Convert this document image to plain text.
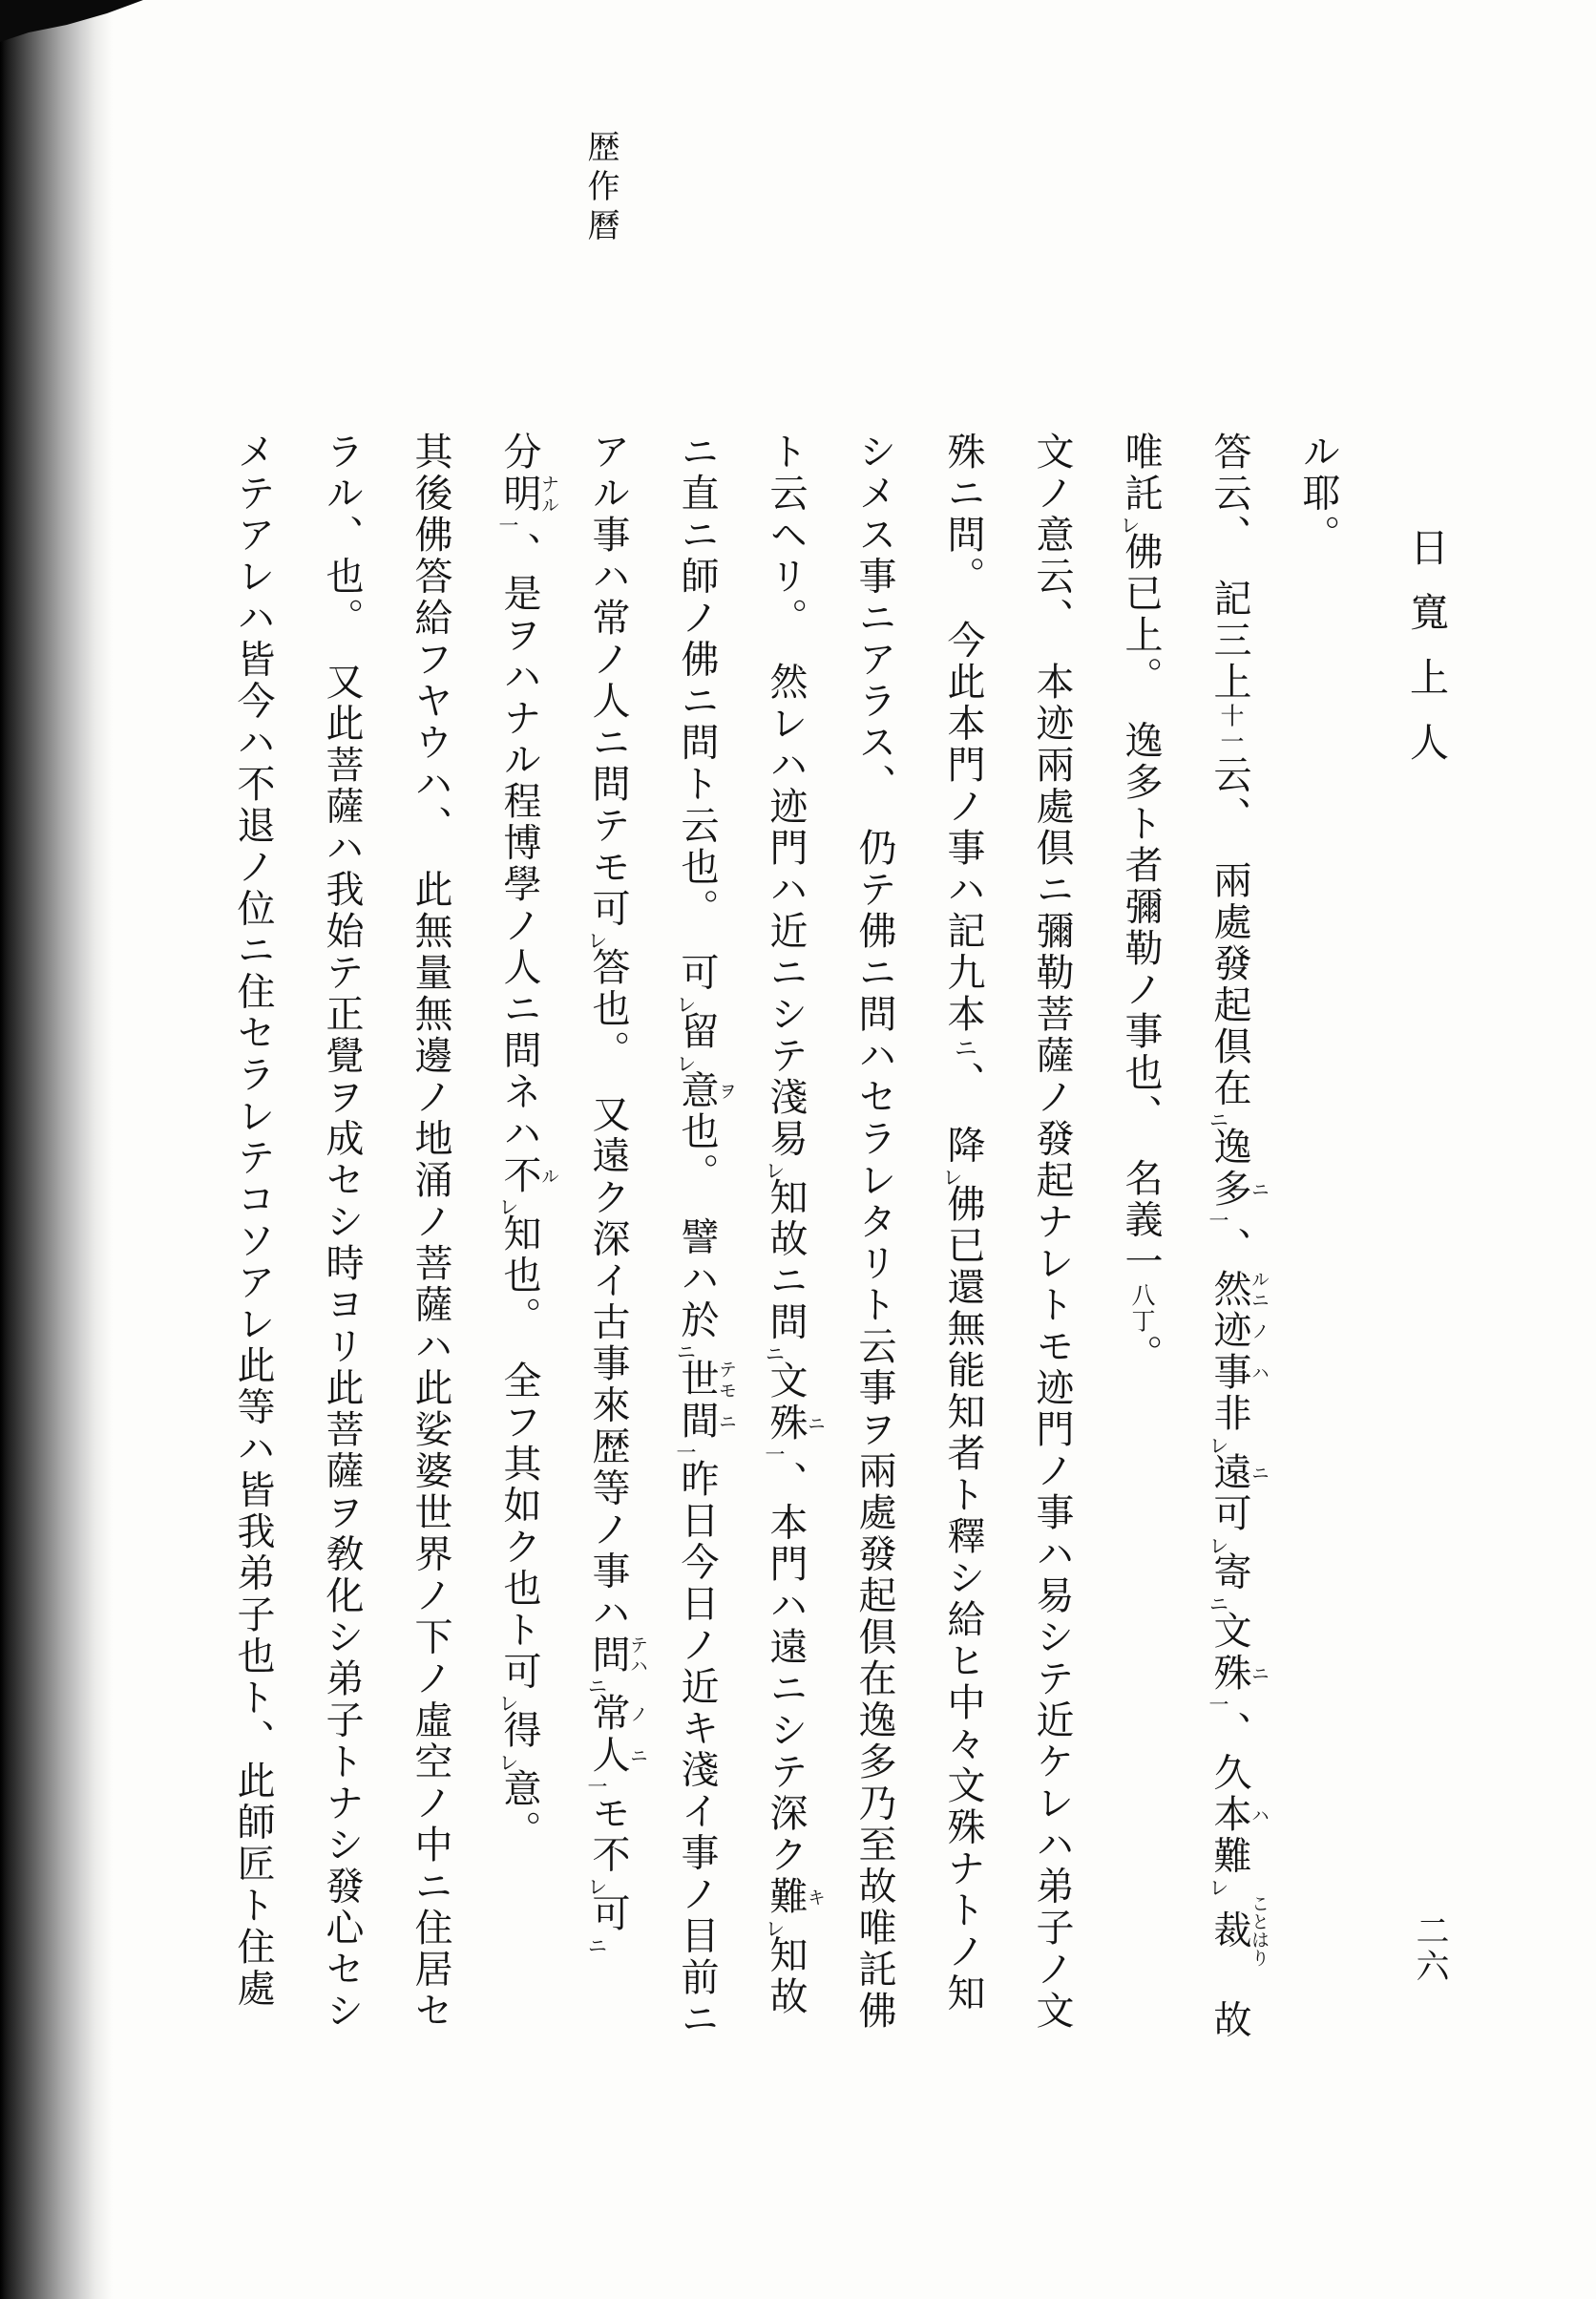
歴作曆
日寬上人
ル耶。
答云、　記三上十一云、　兩處發起倶在ニ逸多ニ一、然ルニ迹ノ事ハ非レ遠ニ可レ寄ニ文殊ニ一、久本ハ難レ裁ことはり　故
唯託レ佛已上。　逸多ト者彌勒ノ事也、　名義一八丁。
文ノ意云、　本迹兩處倶ニ彌勒菩薩ノ發起ナレトモ迹門ノ事ハ易シテ近ケレハ弟子ノ文
殊ニ問。　今此本門ノ事ハ記九本ニ、　降レ佛已還無能知者ト釋シ給ヒ中々文殊ナトノ知
シメス事ニアラス、　仍テ佛ニ問ハセラレタリト云事ヲ兩處發起倶在逸多乃至故唯託佛
ト云ヘリ。　然レハ迹門ハ近ニシテ淺易レ知故ニ問ニ文殊ニ一、本門ハ遠ニシテ深ク難キレ知故
ニ直ニ師ノ佛ニ問ト云也。　可レ留レ意ヲ也。　譬ハ於ニ世テモ間ニ一昨日今日ノ近キ淺イ事ノ目前ニ
アル事ハ常ノ人ニ問テモ可レ答也。　又遠ク深イ古事來歴等ノ事ハ問テハニ常ノ人ニ一モ不レ可ニ
分明ナル一、是ヲハナル程博學ノ人ニ問ネハ不ルレ知也。　全フ其如ク也ト可レ得レ意。
其後佛答給フヤウハ、　此無量無邊ノ地涌ノ菩薩ハ此娑婆世界ノ下ノ虛空ノ中ニ住居セ
ラル、也。　又此菩薩ハ我始テ正覺ヲ成セシ時ヨリ此菩薩ヲ敎化シ弟子トナシ發心セシ
メテアレハ皆今ハ不退ノ位ニ住セラレテコソアレ此等ハ皆我弟子也ト、此師匠ト住處	二六
